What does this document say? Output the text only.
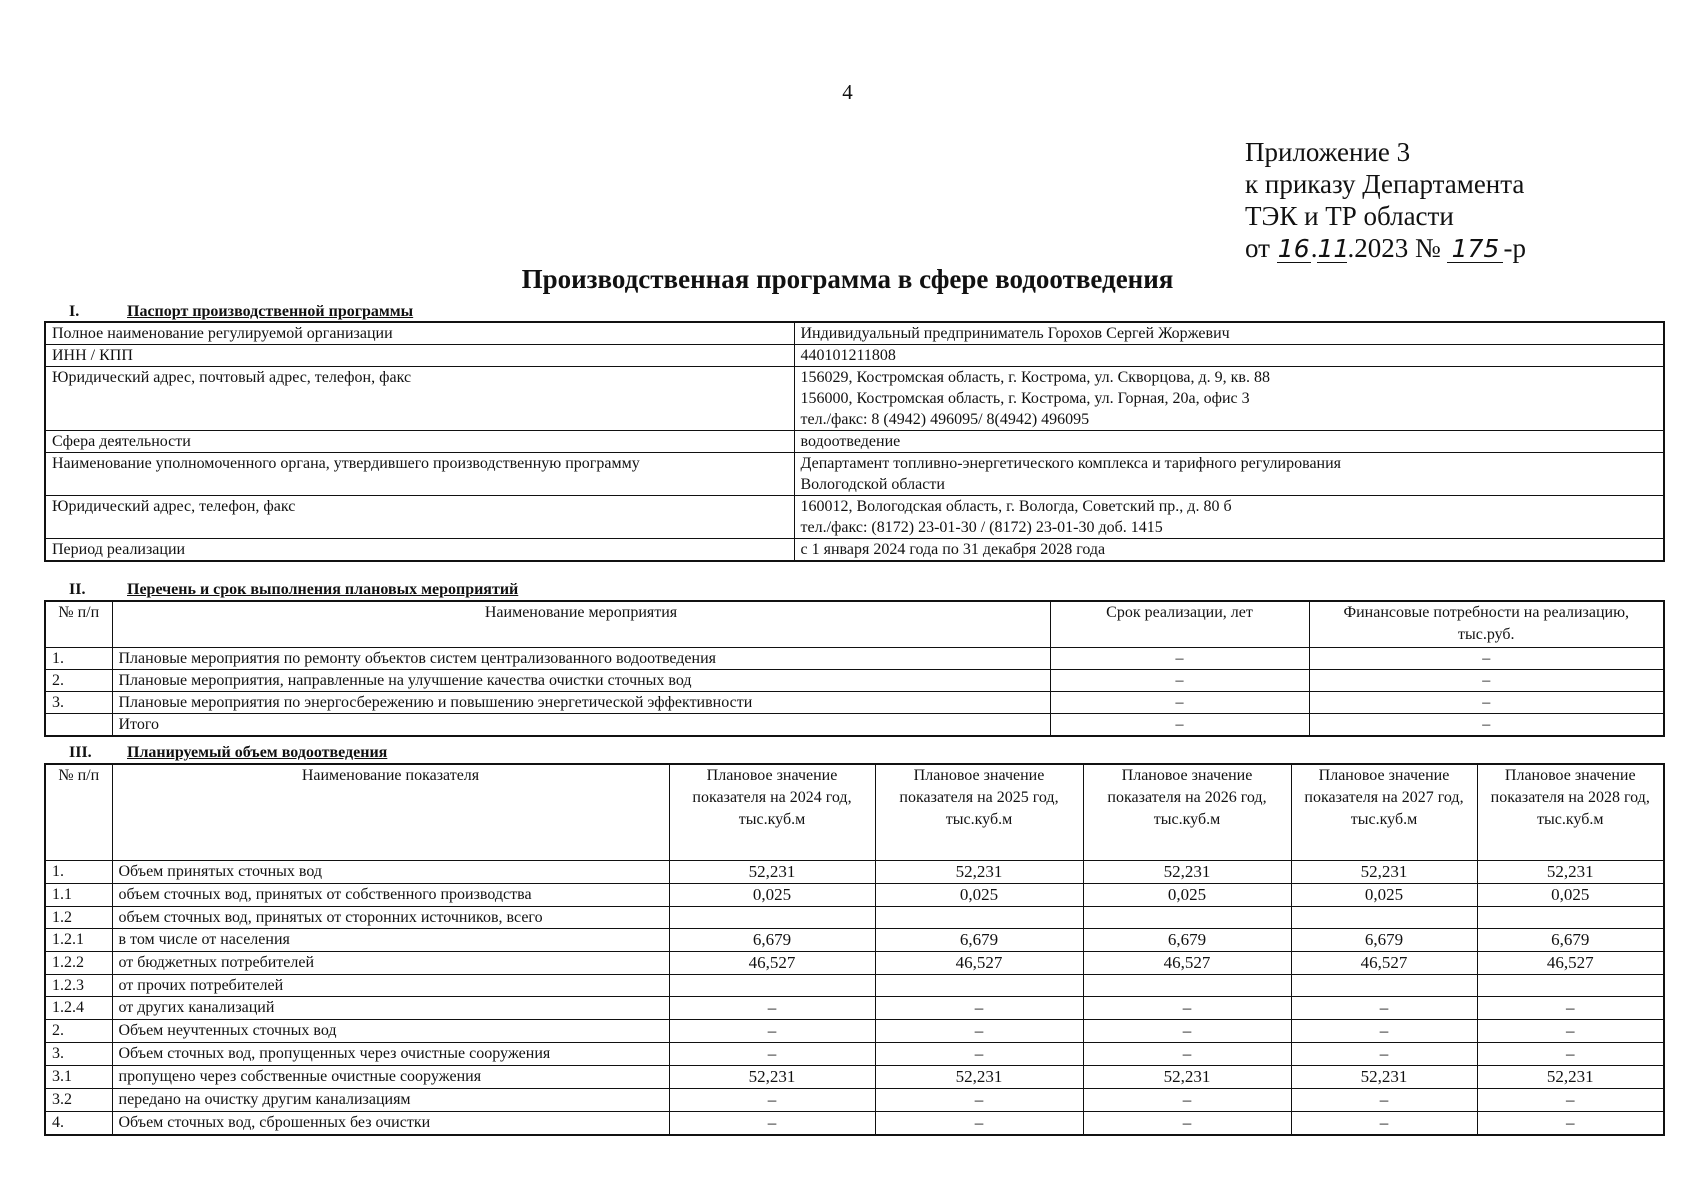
4
Приложение 3
к приказу Департамента
ТЭК и ТР области
от 16.11.2023 № 175 -р
Производственная программа в сфере водоотведения
I.	Паспорт производственной программы
Полное наименование регулируемой организации	Индивидуальный предприниматель Горохов Сергей Жоржевич

ИНН / КПП	440101211808

Юридический адрес, почтовый адрес, телефон, факс	156029, Костромская область, г. Кострома, ул. Скворцова, д. 9, кв. 88
156000, Костромская область, г. Кострома, ул. Горная, 20а, офис 3
тел./факс: 8 (4942) 496095/ 8(4942) 496095

Сфера деятельности	водоотведение

Наименование уполномоченного органа, утвердившего производственную программу	Департамент топливно-энергетического комплекса и тарифного регулирования
Вологодской области

Юридический адрес, телефон, факс	160012, Вологодская область, г. Вологда, Советский пр., д. 80 б
тел./факс: (8172) 23-01-30 / (8172) 23-01-30 доб. 1415

Период реализации	с 1 января 2024 года по 31 декабря 2028 года
II.	Перечень и срок выполнения плановых мероприятий
№ п/п	Наименование мероприятия	Срок реализации, лет	Финансовые потребности на реализацию, тыс.руб.
1.	Плановые мероприятия по ремонту объектов систем централизованного водоотведения	–	–
2.	Плановые мероприятия, направленные на улучшение качества очистки сточных вод	–	–
3.	Плановые мероприятия по энергосбережению и повышению энергетической эффективности	–	–
	Итого	–	–
III. Планируемый объем водоотведения
№ п/п	Наименование показателя	Плановое значение показателя на 2024 год, тыс.куб.м	Плановое значение показателя на 2025 год, тыс.куб.м	Плановое значение показателя на 2026 год, тыс.куб.м	Плановое значение показателя на 2027 год, тыс.куб.м	Плановое значение показателя на 2028 год, тыс.куб.м
1.	Объем принятых сточных вод	52,231	52,231	52,231	52,231	52,231
1.1	объем сточных вод, принятых от собственного производства	0,025	0,025	0,025	0,025	0,025
1.2	объем сточных вод, принятых от сторонних источников, всего					
1.2.1	в том числе от населения	6,679	6,679	6,679	6,679	6,679
1.2.2	от бюджетных потребителей	46,527	46,527	46,527	46,527	46,527
1.2.3	от прочих потребителей					
1.2.4	от других канализаций	–	–	–	–	–
2.	Объем неучтенных сточных вод	–	–	–	–	–
3.	Объем сточных вод, пропущенных через очистные сооружения	–	–	–	–	–
3.1	пропущено через собственные очистные сооружения	52,231	52,231	52,231	52,231	52,231
3.2	передано на очистку другим канализациям	–	–	–	–	–
4.	Объем сточных вод, сброшенных без очистки	–	–	–	–	–
